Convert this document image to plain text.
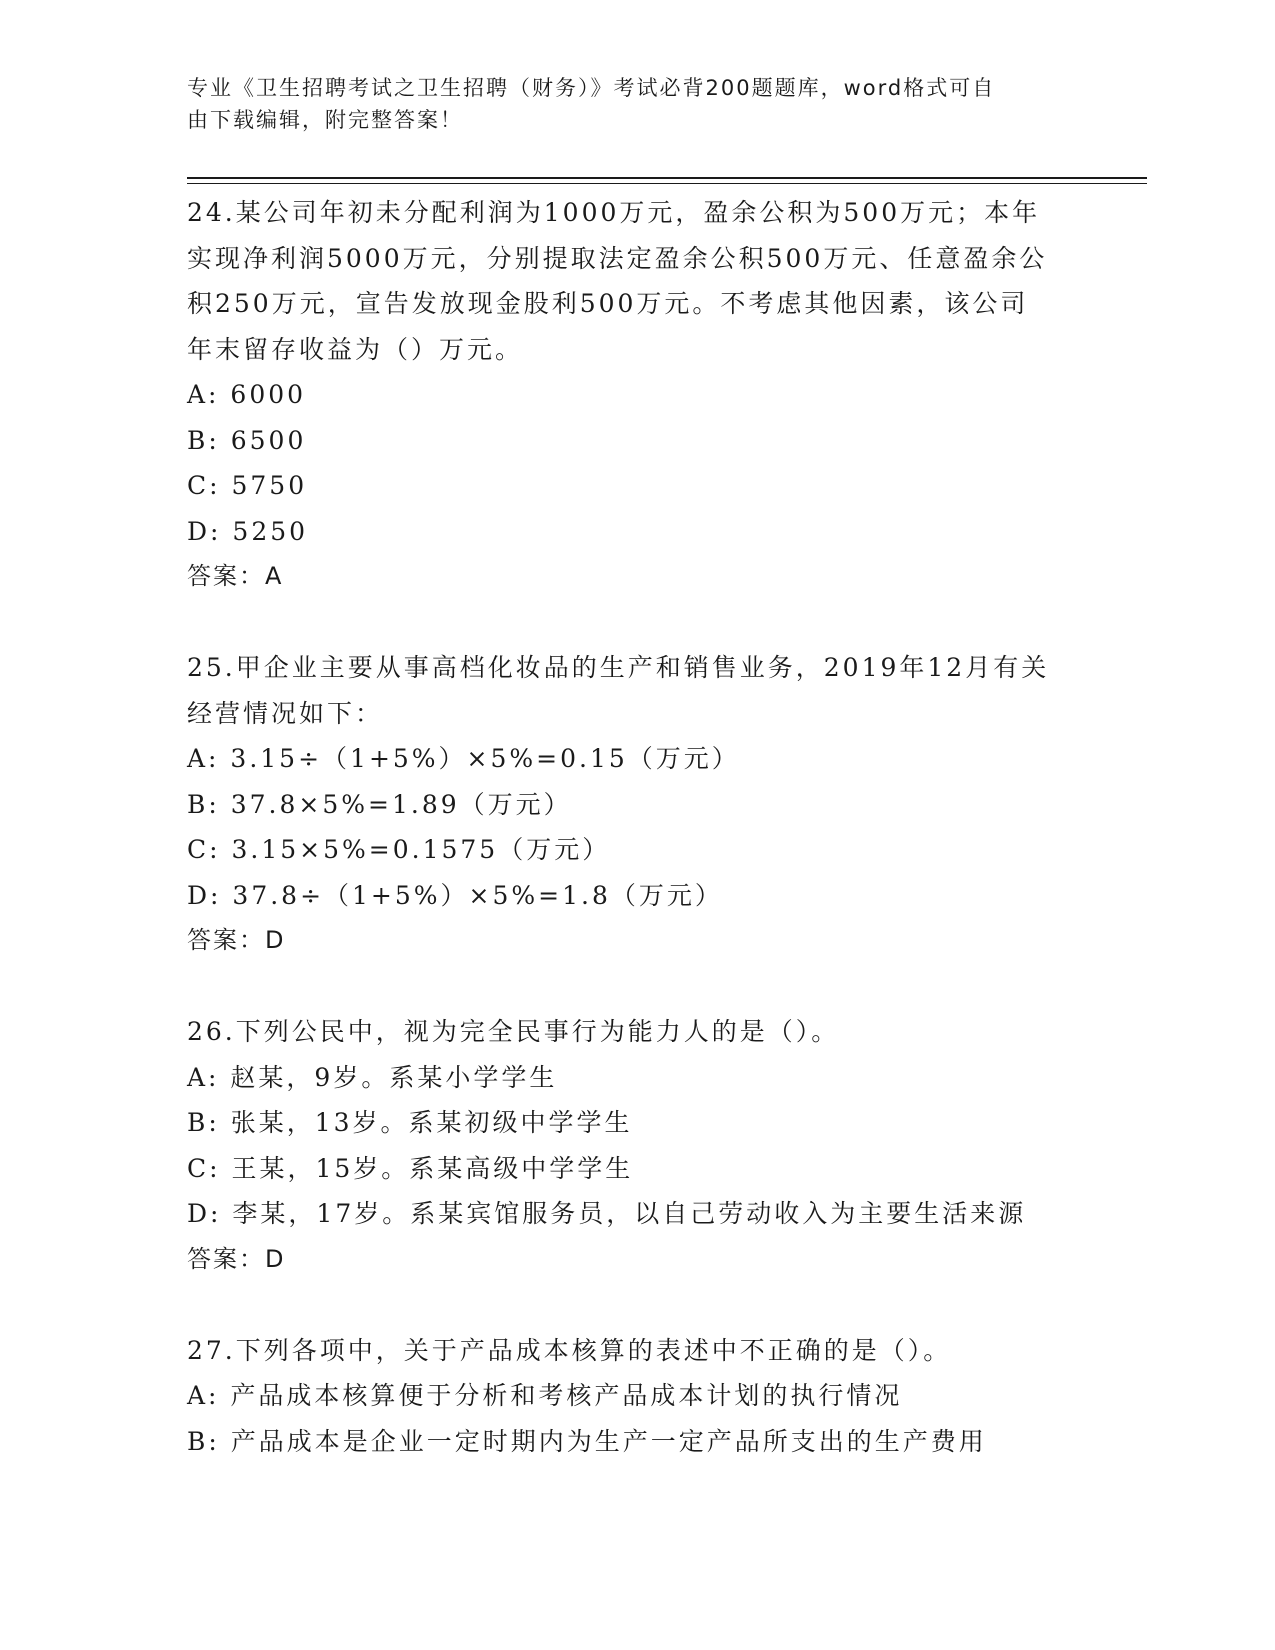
专业《卫生招聘考试之卫生招聘（财务）》考试必背200题题库，word格式可自
由下载编辑，附完整答案！
24.某公司年初未分配利润为1000万元，盈余公积为500万元；本年
实现净利润5000万元，分别提取法定盈余公积500万元、任意盈余公
积250万元，宣告发放现金股利500万元。不考虑其他因素，该公司
年末留存收益为（）万元。
A: 6000
B: 6500
C: 5750
D: 5250
答案：A
25.甲企业主要从事高档化妆品的生产和销售业务，2019年12月有关
经营情况如下：
A: 3.15÷（1+5%）×5%=0.15（万元）
B: 37.8×5%=1.89（万元）
C: 3.15×5%=0.1575（万元）
D: 37.8÷（1+5%）×5%=1.8（万元）
答案：D
26.下列公民中，视为完全民事行为能力人的是（）。
A: 赵某，9岁。系某小学学生
B: 张某，13岁。系某初级中学学生
C: 王某，15岁。系某高级中学学生
D: 李某，17岁。系某宾馆服务员，以自己劳动收入为主要生活来源
答案：D
27.下列各项中，关于产品成本核算的表述中不正确的是（）。
A: 产品成本核算便于分析和考核产品成本计划的执行情况
B: 产品成本是企业一定时期内为生产一定产品所支出的生产费用
